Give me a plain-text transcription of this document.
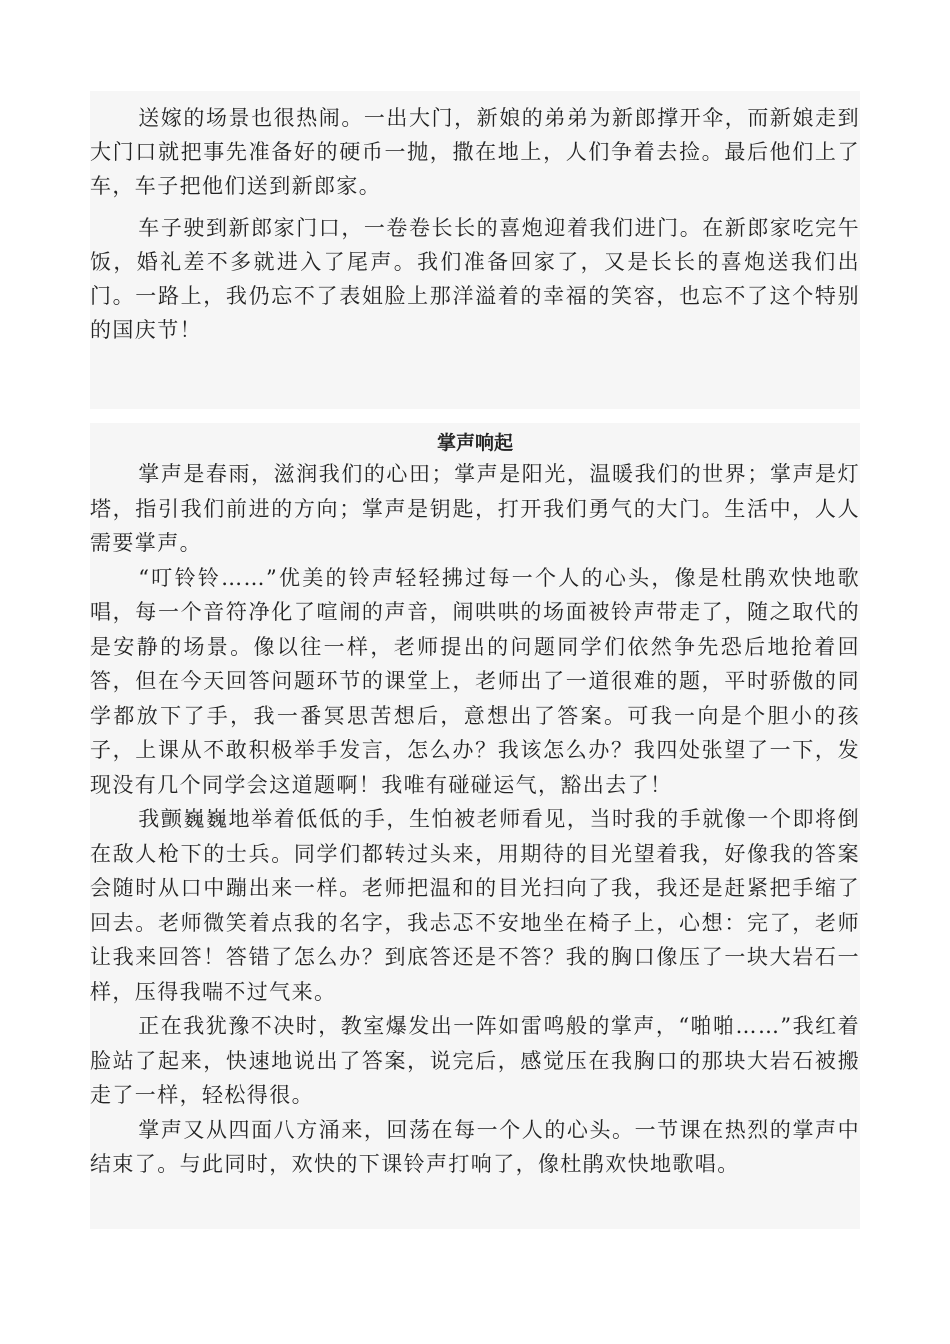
送嫁的场景也很热闹。一出大门，新娘的弟弟为新郎撑开伞，而新娘走到大门口就把事先准备好的硬币一抛，撒在地上，人们争着去捡。最后他们上了车，车子把他们送到新郎家。

车子驶到新郎家门口，一卷卷长长的喜炮迎着我们进门。在新郎家吃完午饭，婚礼差不多就进入了尾声。我们准备回家了，又是长长的喜炮送我们出门。一路上，我仍忘不了表姐脸上那洋溢着的幸福的笑容，也忘不了这个特别的国庆节！

掌声响起

掌声是春雨，滋润我们的心田；掌声是阳光，温暖我们的世界；掌声是灯塔，指引我们前进的方向；掌声是钥匙，打开我们勇气的大门。生活中，人人需要掌声。

“叮铃铃……”优美的铃声轻轻拂过每一个人的心头，像是杜鹃欢快地歌唱，每一个音符净化了喧闹的声音，闹哄哄的场面被铃声带走了，随之取代的是安静的场景。像以往一样，老师提出的问题同学们依然争先恐后地抢着回答，但在今天回答问题环节的课堂上，老师出了一道很难的题，平时骄傲的同学都放下了手，我一番冥思苦想后，意想出了答案。可我一向是个胆小的孩子，上课从不敢积极举手发言，怎么办？我该怎么办？我四处张望了一下，发现没有几个同学会这道题啊！我唯有碰碰运气，豁出去了！

我颤巍巍地举着低低的手，生怕被老师看见，当时我的手就像一个即将倒在敌人枪下的士兵。同学们都转过头来，用期待的目光望着我，好像我的答案会随时从口中蹦出来一样。老师把温和的目光扫向了我，我还是赶紧把手缩了回去。老师微笑着点我的名字，我忐忑不安地坐在椅子上，心想：完了，老师让我来回答！答错了怎么办？到底答还是不答？我的胸口像压了一块大岩石一样，压得我喘不过气来。

正在我犹豫不决时，教室爆发出一阵如雷鸣般的掌声，“啪啪……”我红着脸站了起来，快速地说出了答案，说完后，感觉压在我胸口的那块大岩石被搬走了一样，轻松得很。

掌声又从四面八方涌来，回荡在每一个人的心头。一节课在热烈的掌声中结束了。与此同时，欢快的下课铃声打响了，像杜鹃欢快地歌唱。
